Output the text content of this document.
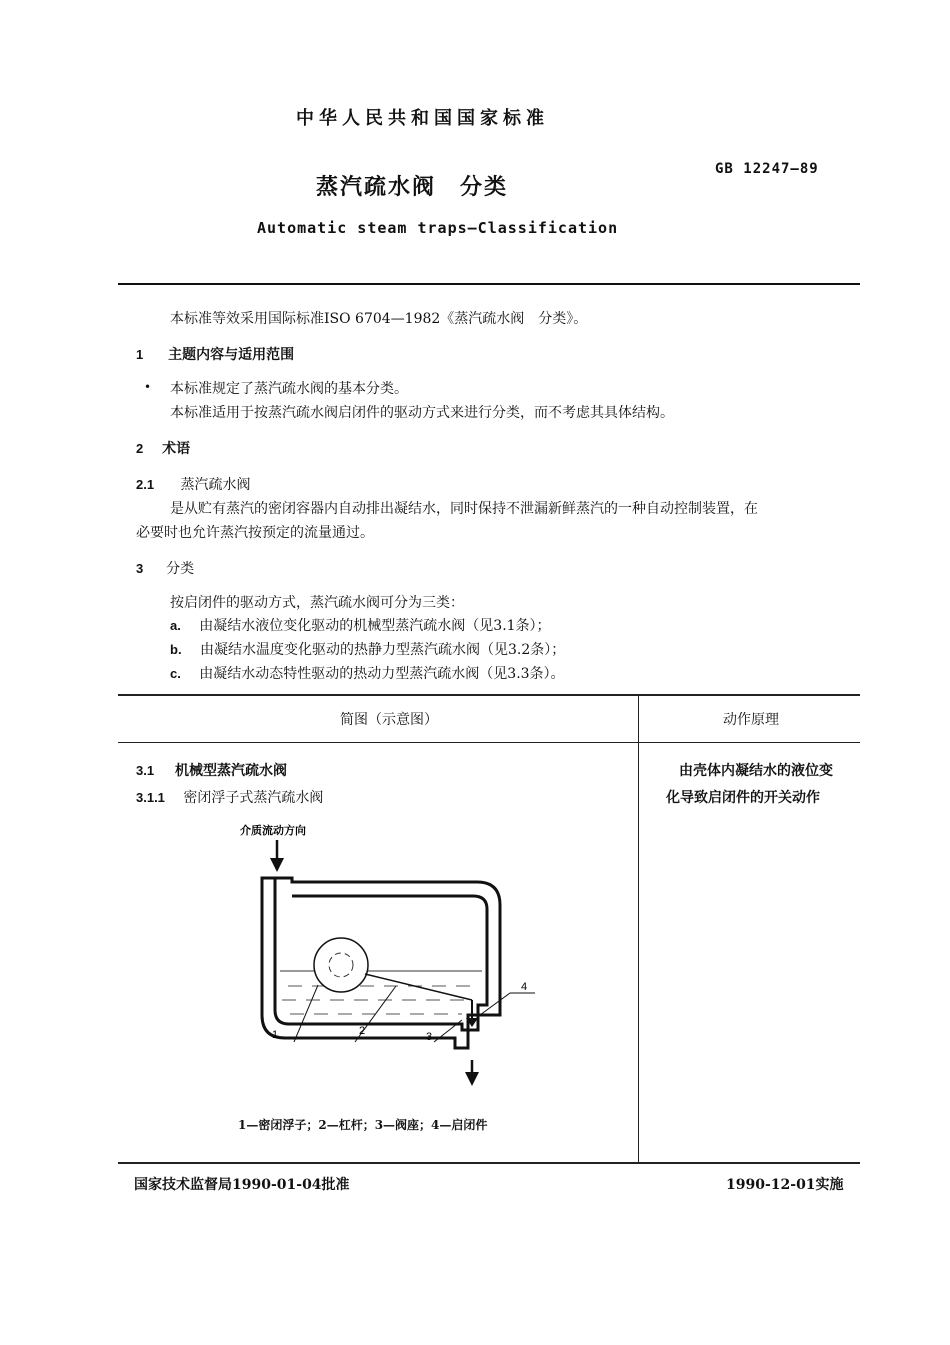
中华人民共和国国家标准
GB 12247—89
蒸汽疏水阀　分类
Automatic steam traps—Classification
本标准等效采用国际标准ISO 6704—1982《蒸汽疏水阀　分类》。
1 主题内容与适用范围
• 本标准规定了蒸汽疏水阀的基本分类。
本标准适用于按蒸汽疏水阀启闭件的驱动方式来进行分类，而不考虑其具体结构。
2 术语
2.1 蒸汽疏水阀
是从贮有蒸汽的密闭容器内自动排出凝结水，同时保持不泄漏新鲜蒸汽的一种自动控制装置，在
必要时也允许蒸汽按预定的流量通过。
3 分类
按启闭件的驱动方式，蒸汽疏水阀可分为三类：
a. 由凝结水液位变化驱动的机械型蒸汽疏水阀（见3.1条）；
b. 由凝结水温度变化驱动的热静力型蒸汽疏水阀（见3.2条）；
c. 由凝结水动态特性驱动的热动力型蒸汽疏水阀（见3.3条）。
简图（示意图）	动作原理
3.1 机械型蒸汽疏水阀
3.1.1 密闭浮子式蒸汽疏水阀
由壳体内凝结水的液位变
化导致启闭件的开关动作
介质流动方向
1	2	3
4
1—密闭浮子；2—杠杆；3—阀座；4—启闭件
国家技术监督局1990-01-04批准	1990-12-01实施
